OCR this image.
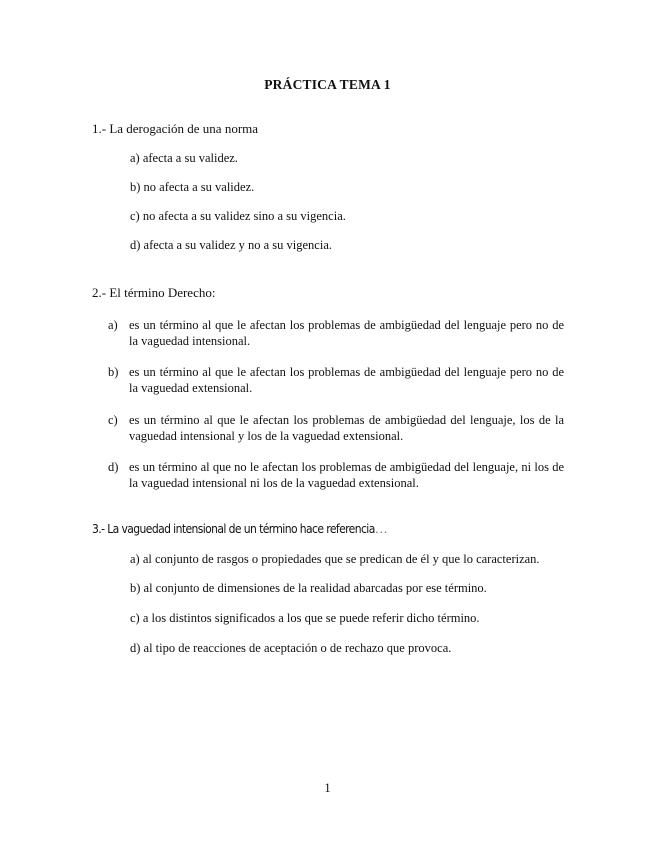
PRÁCTICA TEMA 1
1.- La derogación de una norma
a) afecta a su validez.
b) no afecta a su validez.
c) no afecta a su validez sino a su vigencia.
d) afecta a su validez y no a su vigencia.
2.- El término Derecho:
a) es un término al que le afectan los problemas de ambigüedad del lenguaje pero no de la vaguedad intensional.
b) es un término al que le afectan los problemas de ambigüedad del lenguaje pero no de la vaguedad extensional.
c) es un término al que le afectan los problemas de ambigüedad del lenguaje, los de la vaguedad intensional y los de la vaguedad extensional.
d) es un término al que no le afectan los problemas de ambigüedad del lenguaje, ni los de la vaguedad intensional ni los de la vaguedad extensional.
3.- La vaguedad intensional de un término hace referencia…
a) al conjunto de rasgos o propiedades que se predican de él y que lo caracterizan.
b) al conjunto de dimensiones de la realidad abarcadas por ese término.
c) a los distintos significados a los que se puede referir dicho término.
d) al tipo de reacciones de aceptación o de rechazo que provoca.
1
